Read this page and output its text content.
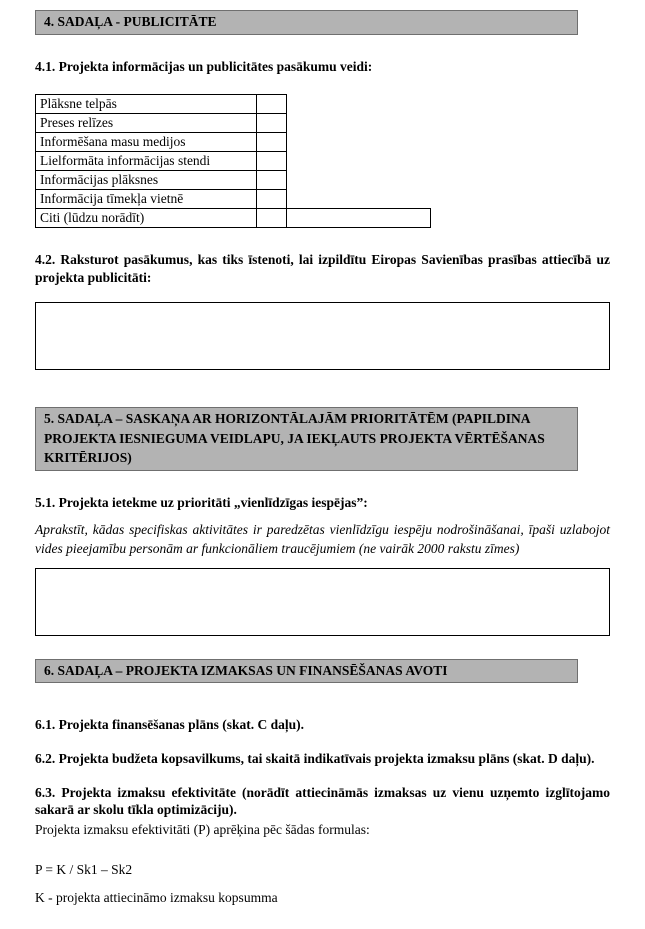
4. SADAĻA - PUBLICITĀTE
4.1. Projekta informācijas un publicitātes pasākumu veidi:
Plāksne telpās		
Preses relīzes		
Informēšana masu medijos		
Lielformāta informācijas stendi		
Informācijas plāksnes		
Informācija tīmekļa vietnē		
Citi (lūdzu norādīt)		
4.2. Raksturot pasākumus, kas tiks īstenoti, lai izpildītu Eiropas Savienības prasības attiecībā uz projekta publicitāti:
5. SADAĻA – SASKAŅA AR HORIZONTĀLAJĀM PRIORITĀTĒM (PAPILDINA PROJEKTA IESNIEGUMA VEIDLAPU, JA IEKĻAUTS PROJEKTA VĒRTĒŠANAS KRITĒRIJOS)
5.1. Projekta ietekme uz prioritāti „vienlīdzīgas iespējas”:
Aprakstīt, kādas specifiskas aktivitātes ir paredzētas vienlīdzīgu iespēju nodrošināšanai, īpaši uzlabojot vides pieejamību personām ar funkcionāliem traucējumiem (ne vairāk 2000 rakstu zīmes)
6. SADAĻA – PROJEKTA IZMAKSAS UN FINANSĒŠANAS AVOTI
6.1. Projekta finansēšanas plāns (skat. C daļu).
6.2. Projekta budžeta kopsavilkums, tai skaitā indikatīvais projekta izmaksu plāns (skat. D daļu).
6.3. Projekta izmaksu efektivitāte (norādīt attiecināmās izmaksas uz vienu uzņemto izglītojamo sakarā ar skolu tīkla optimizāciju).
Projekta izmaksu efektivitāti (P) aprēķina pēc šādas formulas:
P = K / Sk1 – Sk2
K - projekta attiecināmo izmaksu kopsumma
